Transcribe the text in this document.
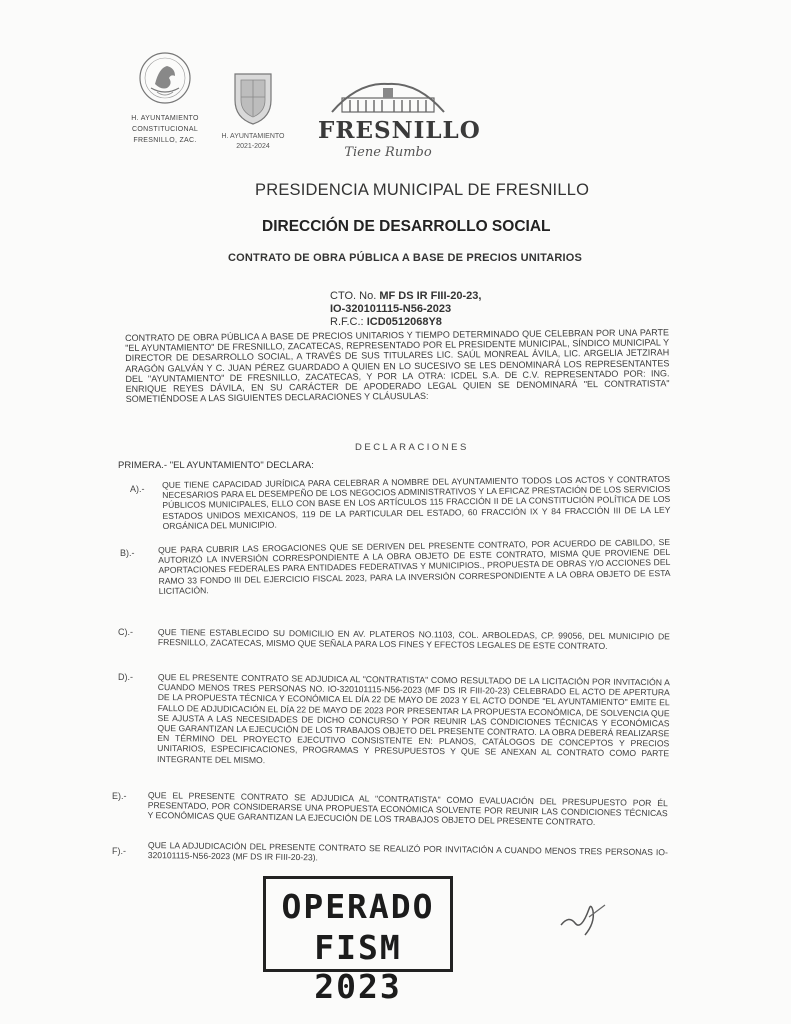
H. AYUNTAMIENTO
CONSTITUCIONAL
FRESNILLO, ZAC.
H. AYUNTAMIENTO
2021-2024
FRESNILLO
Tiene Rumbo
PRESIDENCIA MUNICIPAL DE FRESNILLO
DIRECCIÓN DE DESARROLLO SOCIAL
CONTRATO DE OBRA PÚBLICA A BASE DE PRECIOS UNITARIOS
CTO. No. MF DS IR FIII-20-23,
IO-320101115-N56-2023
R.F.C.: ICD0512068Y8
CONTRATO DE OBRA PÚBLICA A BASE DE PRECIOS UNITARIOS Y TIEMPO DETERMINADO QUE CELEBRAN POR UNA PARTE "EL AYUNTAMIENTO" DE FRESNILLO, ZACATECAS, REPRESENTADO POR EL PRESIDENTE MUNICIPAL, SÍNDICO MUNICIPAL Y DIRECTOR DE DESARROLLO SOCIAL, A TRAVÉS DE SUS TITULARES LIC. SAÚL MONREAL ÁVILA, LIC. ARGELIA JETZIRAH ARAGÓN GALVÁN Y C. JUAN PÉREZ GUARDADO A QUIEN EN LO SUCESIVO SE LES DENOMINARÁ LOS REPRESENTANTES DEL "AYUNTAMIENTO" DE FRESNILLO, ZACATECAS, Y POR LA OTRA: ICDEL S.A. DE C.V. REPRESENTADO POR: ING. ENRIQUE REYES DÁVILA, EN SU CARÁCTER DE APODERADO LEGAL QUIEN SE DENOMINARÁ "EL CONTRATISTA" SOMETIÉNDOSE A LAS SIGUIENTES DECLARACIONES Y CLÁUSULAS:
DECLARACIONES
PRIMERA.- "EL AYUNTAMIENTO" DECLARA:
A).- QUE TIENE CAPACIDAD JURÍDICA PARA CELEBRAR A NOMBRE DEL AYUNTAMIENTO TODOS LOS ACTOS Y CONTRATOS NECESARIOS PARA EL DESEMPEÑO DE LOS NEGOCIOS ADMINISTRATIVOS Y LA EFICAZ PRESTACIÓN DE LOS SERVICIOS PÚBLICOS MUNICIPALES, ELLO CON BASE EN LOS ARTÍCULOS 115 FRACCIÓN II DE LA CONSTITUCIÓN POLÍTICA DE LOS ESTADOS UNIDOS MEXICANOS, 119 DE LA PARTICULAR DEL ESTADO, 60 FRACCIÓN IX Y 84 FRACCIÓN III DE LA LEY ORGÁNICA DEL MUNICIPIO.
B).-	QUE PARA CUBRIR LAS EROGACIONES QUE SE DERIVEN DEL PRESENTE CONTRATO, POR ACUERDO DE CABILDO, SE AUTORIZÓ LA INVERSIÓN CORRESPONDIENTE A LA OBRA OBJETO DE ESTE CONTRATO, MISMA QUE PROVIENE DEL APORTACIONES FEDERALES PARA ENTIDADES FEDERATIVAS Y MUNICIPIOS., PROPUESTA DE OBRAS Y/O ACCIONES DEL RAMO 33 FONDO III DEL EJERCICIO FISCAL 2023, PARA LA INVERSIÓN CORRESPONDIENTE A LA OBRA OBJETO DE ESTA LICITACIÓN.
C).-	QUE TIENE ESTABLECIDO SU DOMICILIO EN AV. PLATEROS NO.1103, COL. ARBOLEDAS, CP. 99056, DEL MUNICIPIO DE FRESNILLO, ZACATECAS, MISMO QUE SEÑALA PARA LOS FINES Y EFECTOS LEGALES DE ESTE CONTRATO.
D).-	QUE EL PRESENTE CONTRATO SE ADJUDICA AL "CONTRATISTA" COMO RESULTADO DE LA LICITACIÓN POR INVITACIÓN A CUANDO MENOS TRES PERSONAS NO. IO-320101115-N56-2023 (MF DS IR FIII-20-23) CELEBRADO EL ACTO DE APERTURA DE LA PROPUESTA TÉCNICA Y ECONÓMICA EL DÍA 22 DE MAYO DE 2023 Y EL ACTO DONDE "EL AYUNTAMIENTO" EMITE EL FALLO DE ADJUDICACIÓN EL DÍA 22 DE MAYO DE 2023 POR PRESENTAR LA PROPUESTA ECONÓMICA, DE SOLVENCIA QUE SE AJUSTA A LAS NECESIDADES DE DICHO CONCURSO Y POR REUNIR LAS CONDICIONES TÉCNICAS Y ECONÓMICAS QUE GARANTIZAN LA EJECUCIÓN DE LOS TRABAJOS OBJETO DEL PRESENTE CONTRATO. LA OBRA DEBERÁ REALIZARSE EN TÉRMINO DEL PROYECTO EJECUTIVO CONSISTENTE EN: PLANOS, CATÁLOGOS DE CONCEPTOS Y PRECIOS UNITARIOS, ESPECIFICACIONES, PROGRAMAS Y PRESUPUESTOS Y QUE SE ANEXAN AL CONTRATO COMO PARTE INTEGRANTE DEL MISMO.
E).- QUE EL PRESENTE CONTRATO SE ADJUDICA AL "CONTRATISTA" COMO EVALUACIÓN DEL PRESUPUESTO POR ÉL PRESENTADO, POR CONSIDERARSE UNA PROPUESTA ECONÓMICA SOLVENTE POR REUNIR LAS CONDICIONES TÉCNICAS Y ECONÓMICAS QUE GARANTIZAN LA EJECUCIÓN DE LOS TRABAJOS OBJETO DEL PRESENTE CONTRATO.
F).-	QUE LA ADJUDICACIÓN DEL PRESENTE CONTRATO SE REALIZÓ POR INVITACIÓN A CUANDO MENOS TRES PERSONAS IO-320101115-N56-2023 (MF DS IR FIII-20-23).
OPERADO
FISM 2023
